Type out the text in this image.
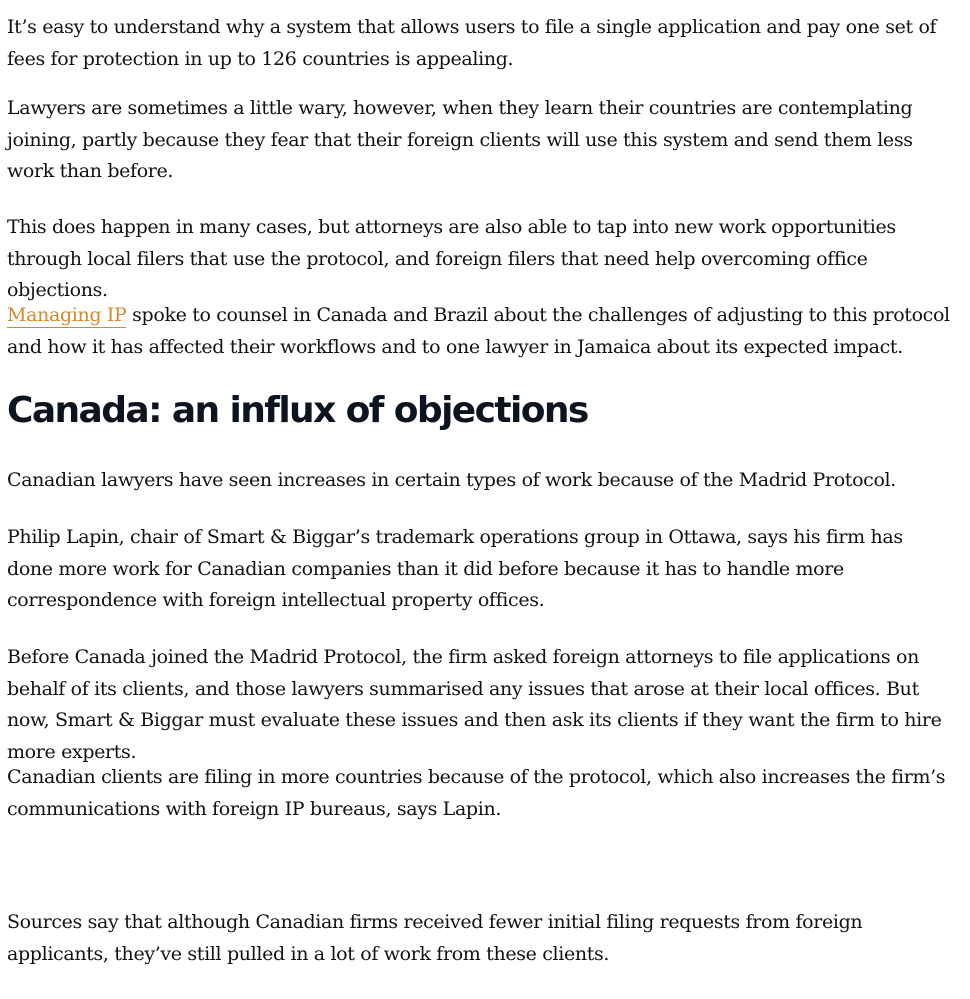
It’s easy to understand why a system that allows users to file a single application and pay one set of fees for protection in up to 126 countries is appealing.

Lawyers are sometimes a little wary, however, when they learn their countries are contemplating joining, partly because they fear that their foreign clients will use this system and send them less work than before.

This does happen in many cases, but attorneys are also able to tap into new work opportunities through local filers that use the protocol, and foreign filers that need help overcoming office objections.

Managing IP spoke to counsel in Canada and Brazil about the challenges of adjusting to this protocol and how it has affected their workflows and to one lawyer in Jamaica about its expected impact.

Canada: an influx of objections

Canadian lawyers have seen increases in certain types of work because of the Madrid Protocol.

Philip Lapin, chair of Smart & Biggar’s trademark operations group in Ottawa, says his firm has done more work for Canadian companies than it did before because it has to handle more correspondence with foreign intellectual property offices.

Before Canada joined the Madrid Protocol, the firm asked foreign attorneys to file applications on behalf of its clients, and those lawyers summarised any issues that arose at their local offices. But now, Smart & Biggar must evaluate these issues and then ask its clients if they want the firm to hire more experts.

Canadian clients are filing in more countries because of the protocol, which also increases the firm’s communications with foreign IP bureaus, says Lapin.

Sources say that although Canadian firms received fewer initial filing requests from foreign applicants, they’ve still pulled in a lot of work from these clients.
